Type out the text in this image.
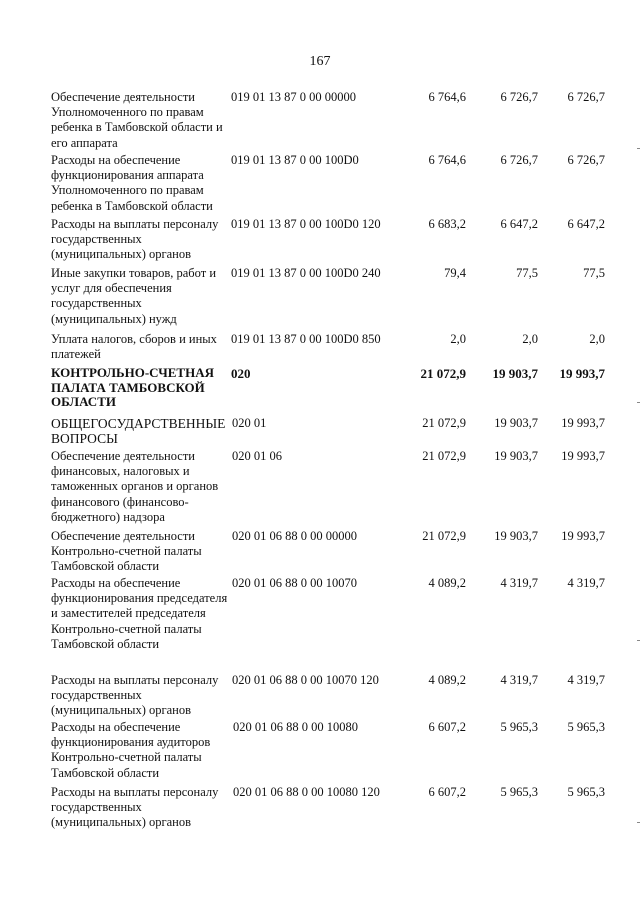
167
Обеспечение деятельности Уполномоченного по правам ребенка в Тамбовской области и его аппарата
019 01 13 87 0 00 00000	6 764,6	6 726,7	6 726,7
Расходы на обеспечение функционирования аппарата Уполномоченного по правам ребенка в Тамбовской области
019 01 13 87 0 00 100D0	6 764,6	6 726,7	6 726,7
Расходы на выплаты персоналу государственных (муниципальных) органов
019 01 13 87 0 00 100D0 120	6 683,2	6 647,2	6 647,2
Иные закупки товаров, работ и услуг для обеспечения государственных (муниципальных) нужд
019 01 13 87 0 00 100D0 240	79,4	77,5	77,5
Уплата налогов, сборов и иных платежей
019 01 13 87 0 00 100D0 850	2,0	2,0	2,0
КОНТРОЛЬНО-СЧЕТНАЯ ПАЛАТА ТАМБОВСКОЙ ОБЛАСТИ
020	21 072,9	19 903,7	19 993,7
ОБЩЕГОСУДАРСТВЕННЫЕ ВОПРОСЫ
020 01	21 072,9	19 903,7	19 993,7
Обеспечение деятельности финансовых, налоговых и таможенных органов и органов финансового (финансово-бюджетного) надзора
020 01 06	21 072,9	19 903,7	19 993,7
Обеспечение деятельности Контрольно-счетной палаты Тамбовской области
020 01 06 88 0 00 00000	21 072,9	19 903,7	19 993,7
Расходы на обеспечение функционирования председателя и заместителей председателя Контрольно-счетной палаты Тамбовской области
020 01 06 88 0 00 10070	4 089,2	4 319,7	4 319,7
Расходы на выплаты персоналу государственных (муниципальных) органов
020 01 06 88 0 00 10070 120	4 089,2	4 319,7	4 319,7
Расходы на обеспечение функционирования аудиторов Контрольно-счетной палаты Тамбовской области
020 01 06 88 0 00 10080	6 607,2	5 965,3	5 965,3
Расходы на выплаты персоналу государственных (муниципальных) органов
020 01 06 88 0 00 10080 120	6 607,2	5 965,3	5 965,3
